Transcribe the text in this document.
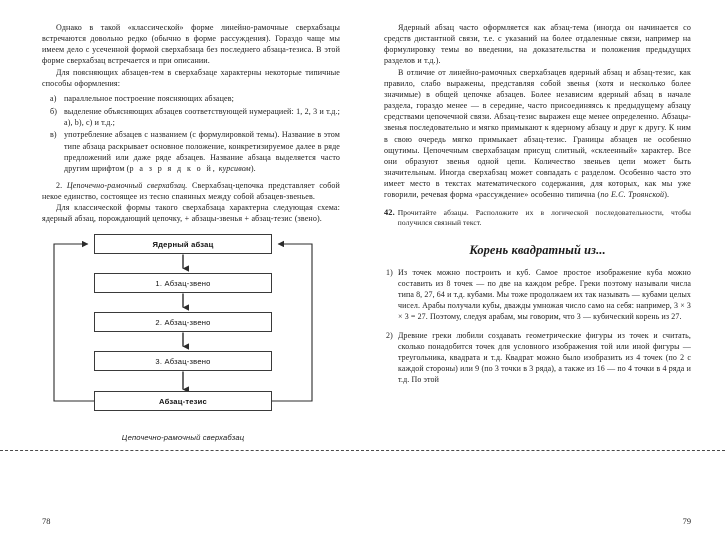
Однако в такой «классической» форме линейно-рамочные сверхабзацы встречаются довольно редко (обычно в форме рассуждения). Гораздо чаще мы имеем дело с усеченной формой сверхабзаца без последнего абзаца-тезиса. В этой форме сверхабзац встречается и при описании.

Для поясняющих абзацев-тем в сверхабзаце характерны некоторые типичные способы оформления:

а) параллельное построение поясняющих абзацев;
б) выделение объясняющих абзацев соответствующей нумерацией: 1, 2, 3 и т.д.; a), b), c) и т.д.;
в) употребление абзацев с названием (с формулировкой темы). Название в этом типе абзаца раскрывает основное положение, конкретизируемое далее в ряде предложений или даже ряде абзацев. Название абзаца выделяется часто другим шрифтом (р а з р я д к о й, курсивом).

2. Цепочечно-рамочный сверхабзац. Сверхабзац-цепочка представляет собой некое единство, состоящее из тесно спаянных между собой абзацев-звеньев.

Для классической формы такого сверхабзаца характерна следующая схема: ядерный абзац, порождающий цепочку, + абзацы-звенья + абзац-тезис (звено).

Ядерный абзац
1. Абзац-звено
2. Абзац-звено
3. Абзац-звено
Абзац-тезис
Цепочечно-рамочный сверхабзац
78

Ядерный абзац часто оформляется как абзац-тема (иногда он начинается со средств дистантной связи, т.е. с указаний на более отдаленные связи, например на формулировку темы во введении, на доказательства и положения предыдущих разделов и т.д.).

В отличие от линейно-рамочных сверхабзацев ядерный абзац и абзац-тезис, как правило, слабо выражены, представляя собой звенья (хотя и несколько более значимые) в общей цепочке абзацев. Более независим ядерный абзац в начале раздела, гораздо менее — в середине, часто присоединяясь к предыдущему абзацу средствами цепочечной связи. Абзац-тезис выражен еще менее определенно. Абзацы-звенья последовательно и мягко примыкают к ядерному абзацу и друг к другу. К ним в свою очередь мягко примыкает абзац-тезис. Границы абзацев не особенно ощутимы. Цепочечным сверхабзацам присущ слитный, «склеенный» характер. Все они образуют звенья одной цепи. Количество звеньев цепи может быть значительным. Иногда сверхабзац может совпадать с разделом. Особенно часто это имеет место в текстах математического содержания, для которых, как мы уже говорили, речевая форма «рассуждение» особенно типична (по Е.С. Троянской).

42. Прочитайте абзацы. Расположите их в логической последовательности, чтобы получился связный текст.
Корень квадратный из...
1) Из точек можно построить и куб. Самое простое изображение куба можно составить из 8 точек — по две на каждом ребре. Греки поэтому называли числа типа 8, 27, 64 и т.д. кубами. Мы тоже продолжаем их так называть — кубами целых чисел. Арабы получали кубы, дважды умножая число само на себя: например, 3 × 3 × 3 = 27. Поэтому, следуя арабам, мы говорим, что 3 — кубический корень из 27.
2) Древние греки любили создавать геометрические фигуры из точек и считать, сколько понадобится точек для условного изображения той или иной фигуры — треугольника, квадрата и т.д. Квадрат можно было изобразить из 4 точек (по 2 с каждой стороны) или 9 (по 3 точки в 3 ряда), а также из 16 — по 4 точки в 4 ряда и т.д. По этой
79
